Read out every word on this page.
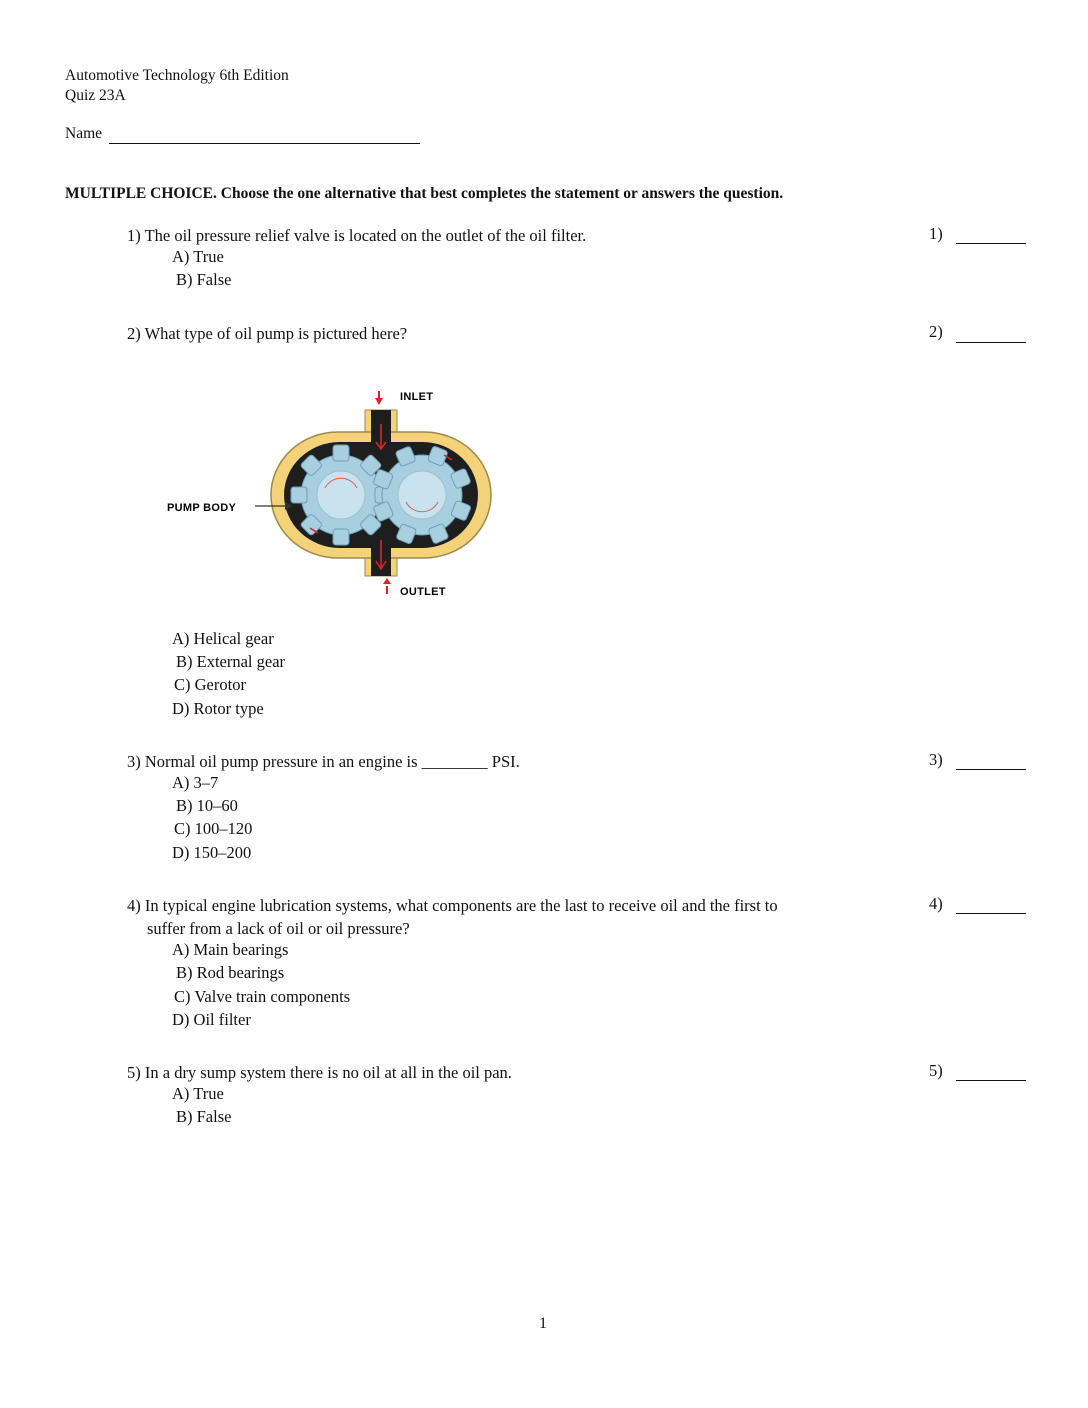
Automotive Technology 6th Edition
Quiz 23A
Name
MULTIPLE CHOICE. Choose the one alternative that best completes the statement or answers the question.
1) The oil pressure relief valve is located on the outlet of the oil filter.	1)
A) True
B) False
2) What type of oil pump is pictured here?	2)
INLET
PUMP BODY
OUTLET
A) Helical gear
B) External gear
C) Gerotor
D) Rotor type
3) Normal oil pump pressure in an engine is ________ PSI.	3)
A) 3–7
B) 10–60
C) 100–120
D) 150–200
4) In typical engine lubrication systems, what components are the last to receive oil and the first to
suffer from a lack of oil or oil pressure?
4)
A) Main bearings
B) Rod bearings
C) Valve train components
D) Oil filter
5) In a dry sump system there is no oil at all in the oil pan.	5)
A) True
B) False
1
